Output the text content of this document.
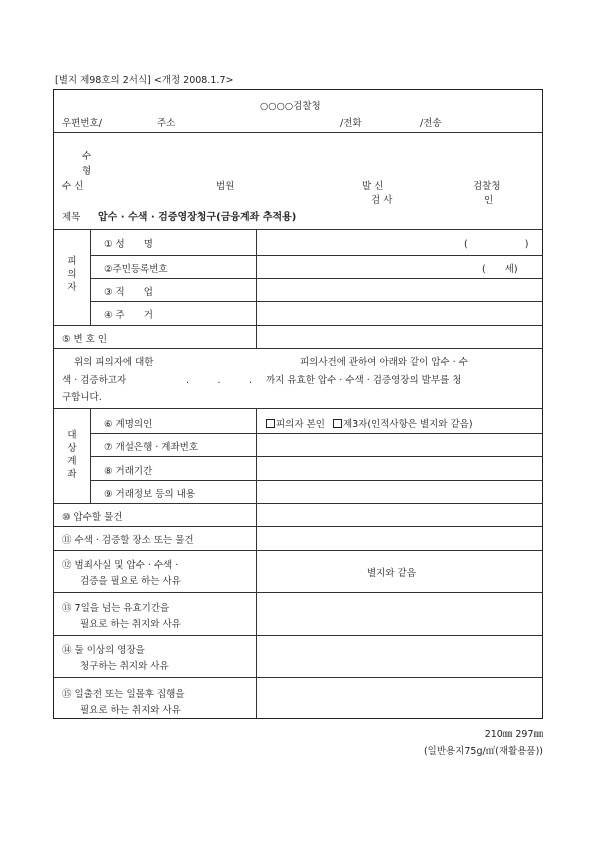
[별지 제98호의 2서식] <개정 2008.1.7>
○○○○검찰청
우편번호/	주소	/전화	/전송
수
형
수 신	법원	발 신	검찰청
검 사	인
제목 압수 · 수색 · 검증영장청구(금융계좌 추적용)
피
의
자
① 성　　명	(　　　　　　)
②주민등록번호	(　　세)
③ 직　　업
④ 주　　거
⑤ 변 호 인
위의 피의자에 대한	피의사건에 관하여 아래와 같이 압수 · 수
색 · 검증하고자	.　　　.　　　. 까지 유효한 압수 · 수색 · 검증영장의 발부를 청
구합니다.
대
상
계
좌
⑥ 계명의인	피의자 본인 제3자(인적사항은 별지와 같음)
⑦ 개설은행 · 계좌번호
⑧ 거래기간
⑨ 거래정보 등의 내용
⑩ 압수할 물건
⑪ 수색 · 검증할 장소 또는 물건
⑫ 범죄사실 및 압수 · 수색 ·
검증을 필요로 하는 사유
별지와 같음
⑬ 7일을 넘는 유효기간을
필요로 하는 취지와 사유
⑭ 둘 이상의 영장을
청구하는 취지와 사유
⑮ 일출전 또는 일몰후 집행을
필요로 하는 취지와 사유
210㎜ 297㎜
(일반용지75g/㎡(재활용품))
